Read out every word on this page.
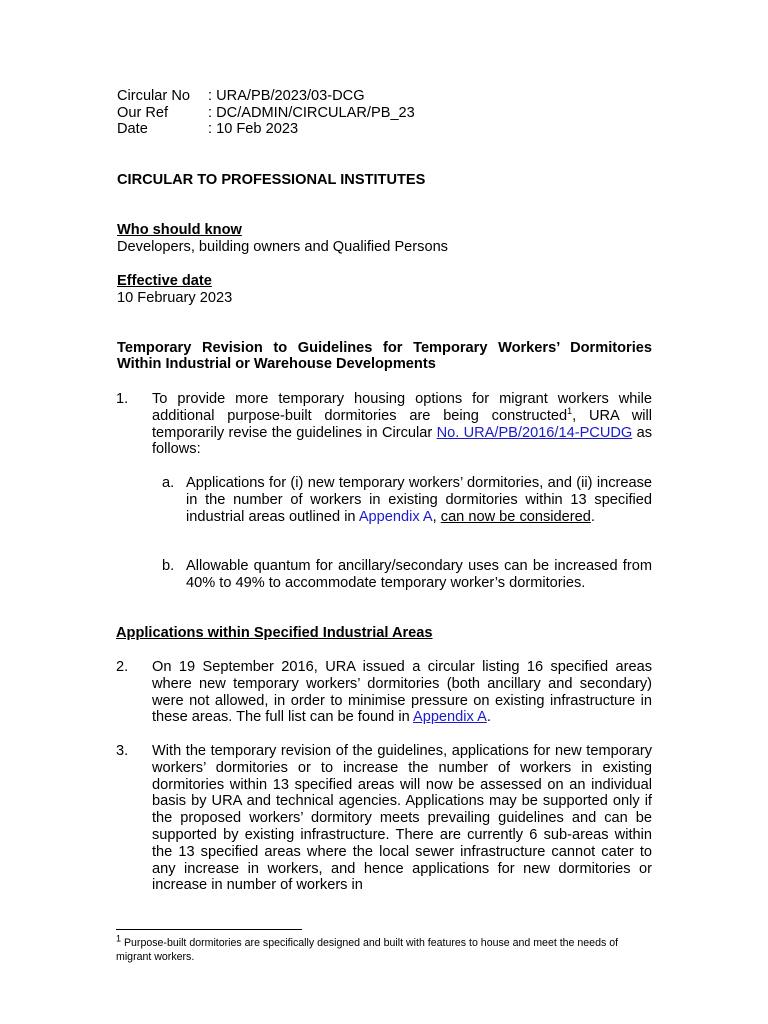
Circular No : URA/PB/2023/03-DCG
Our Ref	: DC/ADMIN/CIRCULAR/PB_23
Date	: 10 Feb 2023
CIRCULAR TO PROFESSIONAL INSTITUTES
Who should know
Developers, building owners and Qualified Persons
Effective date
10 February 2023
Temporary Revision to Guidelines for Temporary Workers’ Dormitories
Within Industrial or Warehouse Developments
1. To provide more temporary housing options for migrant workers while additional purpose-built dormitories are being constructed$^1$, URA will temporarily revise the guidelines in Circular No. URA/PB/2016/14-PCUDG as follows:
a. Applications for (i) new temporary workers’ dormitories, and (ii) increase in the number of workers in existing dormitories within 13 specified industrial areas outlined in Appendix A, can now be considered.
b. Allowable quantum for ancillary/secondary uses can be increased from 40% to 49% to accommodate temporary worker’s dormitories.
Applications within Specified Industrial Areas
2. On 19 September 2016, URA issued a circular listing 16 specified areas where new temporary workers’ dormitories (both ancillary and secondary) were not allowed, in order to minimise pressure on existing infrastructure in these areas. The full list can be found in Appendix A.
3. With the temporary revision of the guidelines, applications for new temporary workers’ dormitories or to increase the number of workers in existing dormitories within 13 specified areas will now be assessed on an individual basis by URA and technical agencies. Applications may be supported only if the proposed workers’ dormitory meets prevailing guidelines and can be supported by existing infrastructure. There are currently 6 sub-areas within the 13 specified areas where the local sewer infrastructure cannot cater to any increase in workers, and hence applications for new dormitories or increase in number of workers in
$^1$ Purpose-built dormitories are specifically designed and built with features to house and meet the needs of migrant workers.
